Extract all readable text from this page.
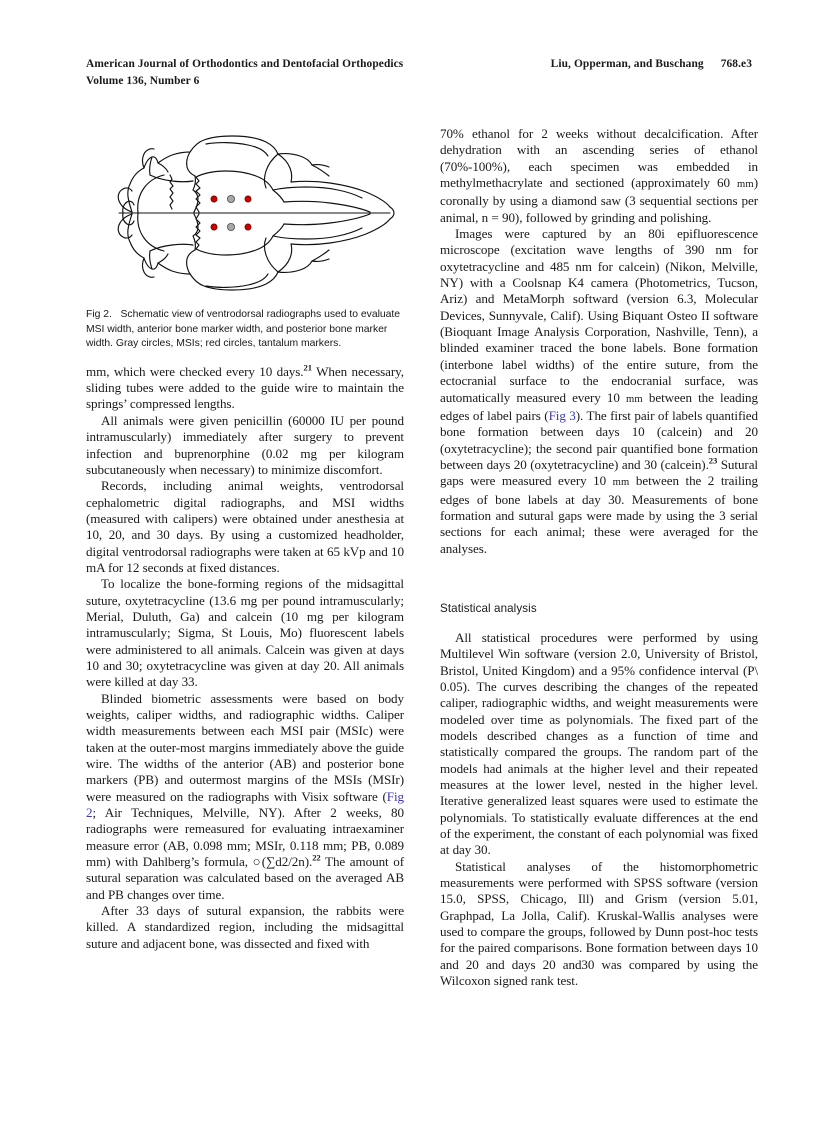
American Journal of Orthodontics and Dentofacial Orthopedics	Liu, Opperman, and Buschang 768.e3
Volume 136, Number 6
Fig 2. Schematic view of ventrodorsal radiographs used to evaluate MSI width, anterior bone marker width, and posterior bone marker width. Gray circles, MSIs; red circles, tantalum markers.

mm, which were checked every 10 days.$^{21}$ When necessary, sliding tubes were added to the guide wire to maintain the springs’ compressed lengths.

All animals were given penicillin (60000 IU per pound intramuscularly) immediately after surgery to prevent infection and buprenorphine (0.02 mg per kilogram subcutaneously when necessary) to minimize discomfort.

Records, including animal weights, ventrodorsal cephalometric digital radiographs, and MSI widths (measured with calipers) were obtained under anesthesia at 10, 20, and 30 days. By using a customized headholder, digital ventrodorsal radiographs were taken at 65 kVp and 10 mA for 12 seconds at fixed distances.

To localize the bone-forming regions of the midsagittal suture, oxytetracycline (13.6 mg per pound intramuscularly; Merial, Duluth, Ga) and calcein (10 mg per kilogram intramuscularly; Sigma, St Louis, Mo) fluorescent labels were administered to all animals. Calcein was given at days 10 and 30; oxytetracycline was given at day 20. All animals were killed at day 33.

Blinded biometric assessments were based on body weights, caliper widths, and radiographic widths. Caliper width measurements between each MSI pair (MSIc) were taken at the outer-most margins immediately above the guide wire. The widths of the anterior (AB) and posterior bone markers (PB) and outermost margins of the MSIs (MSIr) were measured on the radiographs with Visix software (Fig 2; Air Techniques, Melville, NY). After 2 weeks, 80 radiographs were remeasured for evaluating intraexaminer measure error (AB, 0.098 mm; MSIr, 0.118 mm; PB, 0.089 mm) with Dahlberg’s formula, ○(∑d2/2n).$^{22}$ The amount of sutural separation was calculated based on the averaged AB and PB changes over time.

After 33 days of sutural expansion, the rabbits were killed. A standardized region, including the midsagittal suture and adjacent bone, was dissected and fixed with

70% ethanol for 2 weeks without decalcification. After dehydration with an ascending series of ethanol (70%-100%), each specimen was embedded in methylmethacrylate and sectioned (approximately 60 mm) coronally by using a diamond saw (3 sequential sections per animal, n = 90), followed by grinding and polishing.

Images were captured by an 80i epifluorescence microscope (excitation wave lengths of 390 nm for oxytetracycline and 485 nm for calcein) (Nikon, Melville, NY) with a Coolsnap K4 camera (Photometrics, Tucson, Ariz) and MetaMorph softward (version 6.3, Molecular Devices, Sunnyvale, Calif). Using Biquant Osteo II software (Bioquant Image Analysis Corporation, Nashville, Tenn), a blinded examiner traced the bone labels. Bone formation (interbone label widths) of the entire suture, from the ectocranial surface to the endocranial surface, was automatically measured every 10 mm between the leading edges of label pairs (Fig 3). The first pair of labels quantified bone formation between days 10 (calcein) and 20 (oxytetracycline); the second pair quantified bone formation between days 20 (oxytetracycline) and 30 (calcein).$^{23}$ Sutural gaps were measured every 10 mm between the 2 trailing edges of bone labels at day 30. Measurements of bone formation and sutural gaps were made by using the 3 serial sections for each animal; these were averaged for the analyses.

Statistical analysis

All statistical procedures were performed by using Multilevel Win software (version 2.0, University of Bristol, Bristol, United Kingdom) and a 95% confidence interval (P\ 0.05). The curves describing the changes of the repeated caliper, radiographic widths, and weight measurements were modeled over time as polynomials. The fixed part of the models described changes as a function of time and statistically compared the groups. The random part of the models had animals at the higher level and their repeated measures at the lower level, nested in the higher level. Iterative generalized least squares were used to estimate the polynomials. To statistically evaluate differences at the end of the experiment, the constant of each polynomial was fixed at day 30.

Statistical analyses of the histomorphometric measurements were performed with SPSS software (version 15.0, SPSS, Chicago, Ill) and Grism (version 5.01, Graphpad, La Jolla, Calif). Kruskal-Wallis analyses were used to compare the groups, followed by Dunn post-hoc tests for the paired comparisons. Bone formation between days 10 and 20 and days 20 and30 was compared by using the Wilcoxon signed rank test.
